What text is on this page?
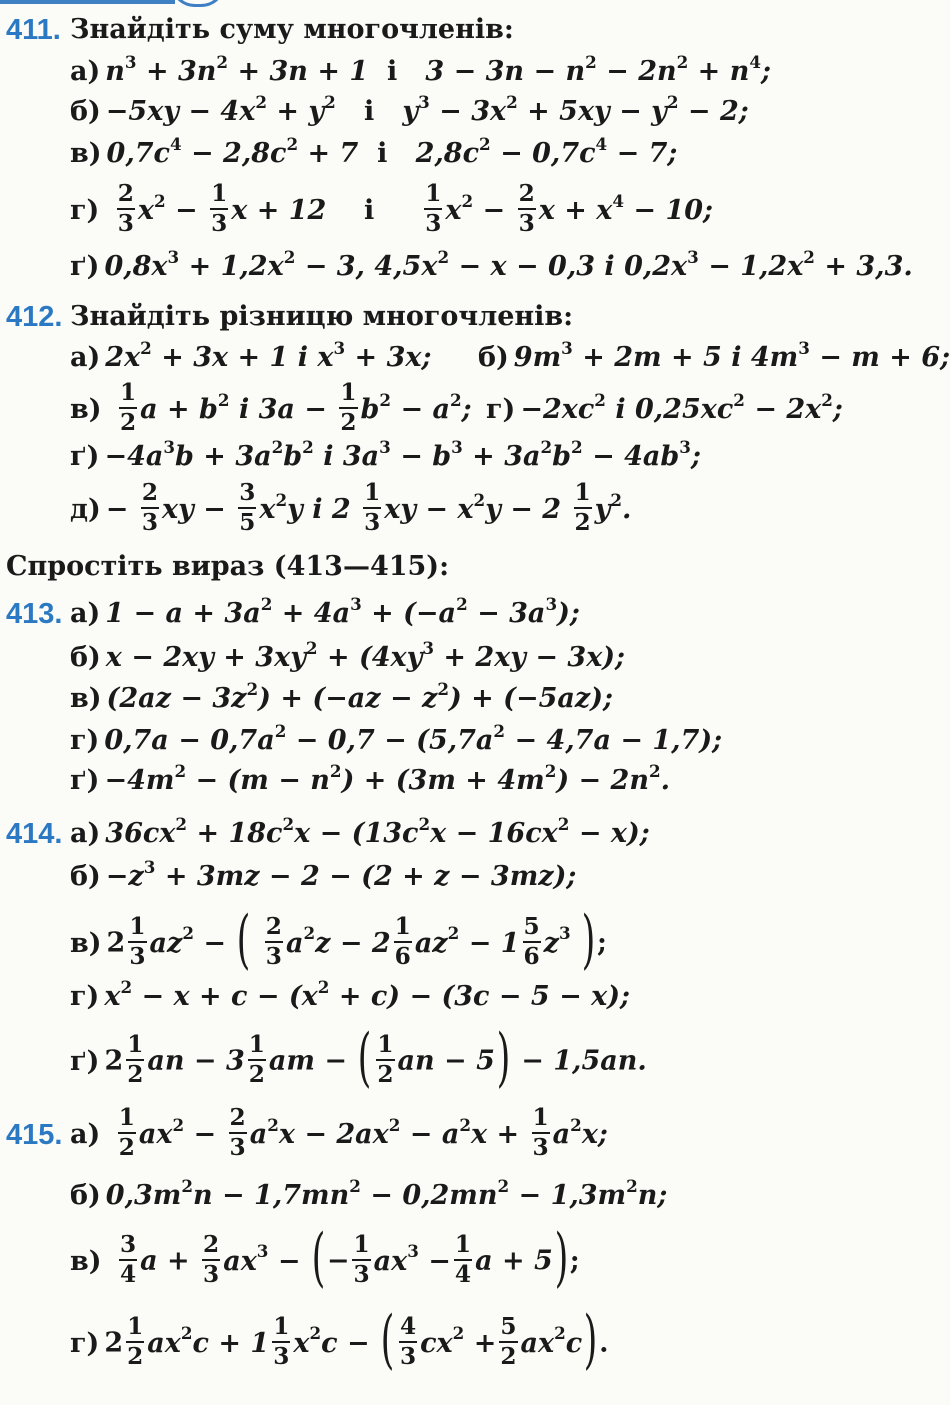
411. Знайдіть суму многочленів:
а) $n^3 + 3n^2 + 3n + 1$ і $3 - 3n - n^2 - 2n^2 + n^4$;
$б) -5xy - 4x^2 + y^2$ і $y^3 - 3x^2 + 5xy - y^2 - 2$;
в) $0,7c^4 - 2,8c^2 + 7$ і $2,8c^2 - 0,7c^4 - 7$;
$г) \frac{2}{3} x^2 - \frac{1}{3}$ x + 12 і $\frac{1}{3} x^2 - \frac{2}{3}$ $x + x^4 - 10$;
ґ) $0,8x^3 + 1,2x^2 - 3$, $4,5x^2 - x - 0,3$ і $0,2x^3 - 1,2x^2 + 3,3$.
412. Знайдіть різницю многочленів:
а) $2x^2 + 3x + 1$ і $x^3 + 3x$; б) $9m^3 + 2m + 5$ і $4m^3 - m + 6$;
$в) \frac{1}{2}$ $a + b^2$ і $3a - \frac{1}{2} b^2 - a^2$; $г) -2xc^2$ і $0,25xc^2 - 2x^2$;
$ґ) -4a^3b + 3a^2b^2$ і $3a^3 - b^3 + 3a^2b^2 - 4ab^3$;
$д) - \frac{2}{3}$ xy − $\frac{3}{5} x^2y$ і $2 \frac{1}{3}$ xy − $x^2y - 2 \frac{1}{2} y^2$.
Спростіть вираз (413—415):
413. а) $1 - a + 3a^2 + 4a^3 + (-a^2 - 3a^3)$;
б) $x - 2xy + 3xy^2 + (4xy^3 + 2xy - 3x)$;
в) $(2az - 3z^2) + (-az - z^2) + (-5az)$;
г) $0,7a - 0,7a^2 - 0,7 - (5,7a^2 - 4,7a - 1,7)$;
$ґ) -4m^2 - (m - n^2) + (3m + 4m^2) - 2n^2$.
414. а) $36cx^2 + 18c^2x - (13c^2x - 16cx^2 - x)$;
$б) -z^3 + 3mz - 2 - (2 + z - 3mz)$;
в) $2 \frac{1}{3} az^2$ − ( $\frac{2}{3} a^2z - 2 \frac{1}{6} az^2 - 1 \frac{5}{6} z^3$ );
г) $x^2 - x + c - (x^2 + c) - (3c - 5 - x)$;
ґ) $2 \frac{1}{2}$ an − $3 \frac{1}{2}$ am − ( $\frac{1}{2}$ an − 5) − 1,5an.
415. $а) \frac{1}{2} ax^2 - \frac{2}{3} a^2x - 2ax^2 - a^2x + \frac{1}{3} a^2x$;
б) $0,3m^2n - 1,7mn^2 - 0,2mn^2 - 1,3m^2n$;
$в) \frac{3}{4}$ $a + \frac{2}{3} ax^3$ − (− $\frac{1}{3} ax^3 - \frac{1}{4}$ a + 5);
г) $2 \frac{1}{2} ax^2c + 1 \frac{1}{3} x^2c$ − ( $\frac{4}{3} cx^2 + \frac{5}{2} ax^2c$).
